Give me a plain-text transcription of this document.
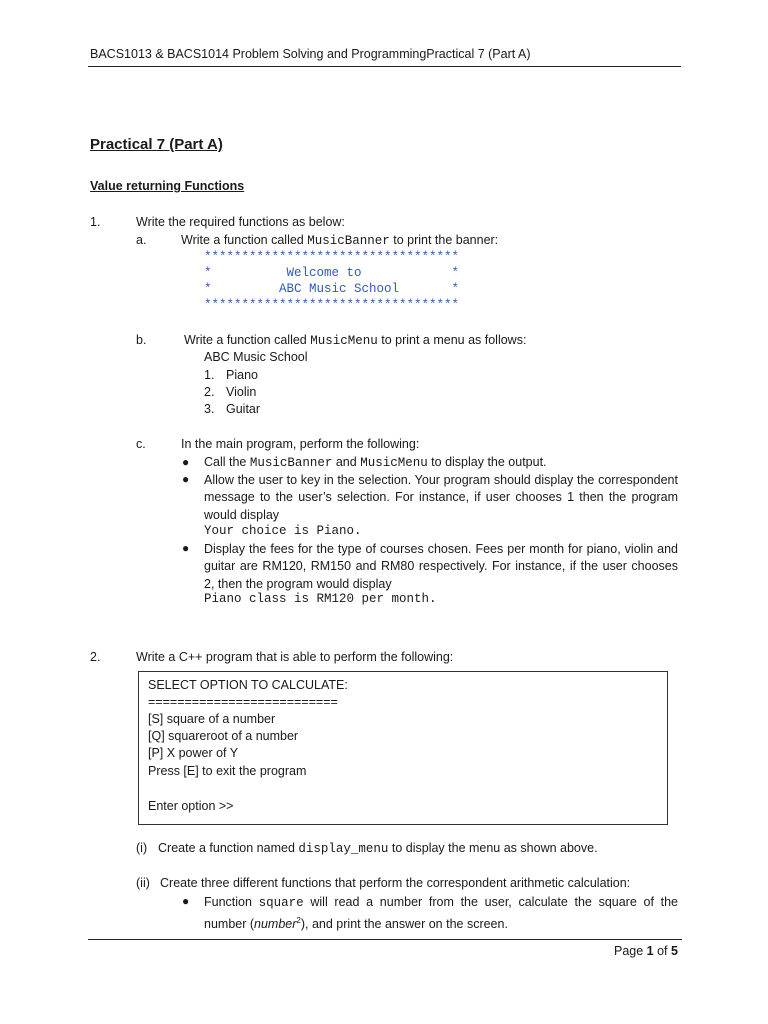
BACS1013 & BACS1014 Problem Solving and ProgrammingPractical 7 (Part A)
Practical 7 (Part A)
Value returning Functions
1.	Write the required functions as below:
a.	Write a function called MusicBanner to print the banner:
**********************************
*          Welcome to            *
*         ABC Music School       *
**********************************
b.	Write a function called MusicMenu to print a menu as follows:
ABC Music School
1. Piano
2. Violin
3. Guitar
c.	In the main program, perform the following:
● Call the MusicBanner and MusicMenu to display the output.
● Allow the user to key in the selection. Your program should display the correspondent message to the user’s selection. For instance, if user chooses 1 then the program would display
Your choice is Piano.
● Display the fees for the type of courses chosen. Fees per month for piano, violin and guitar are RM120, RM150 and RM80 respectively. For instance, if the user chooses 2, then the program would display
Piano class is RM120 per month.
2.	Write a C++ program that is able to perform the following:
SELECT OPTION TO CALCULATE:
==========================
[S] square of a number
[Q] squareroot of a number
[P] X power of Y
Press [E] to exit the program
Enter option >>
(i) Create a function named display_menu to display the menu as shown above.
(ii) Create three different functions that perform the correspondent arithmetic calculation:
● Function square will read a number from the user, calculate the square of the number (number$^2$), and print the answer on the screen.
Page 1 of 5
